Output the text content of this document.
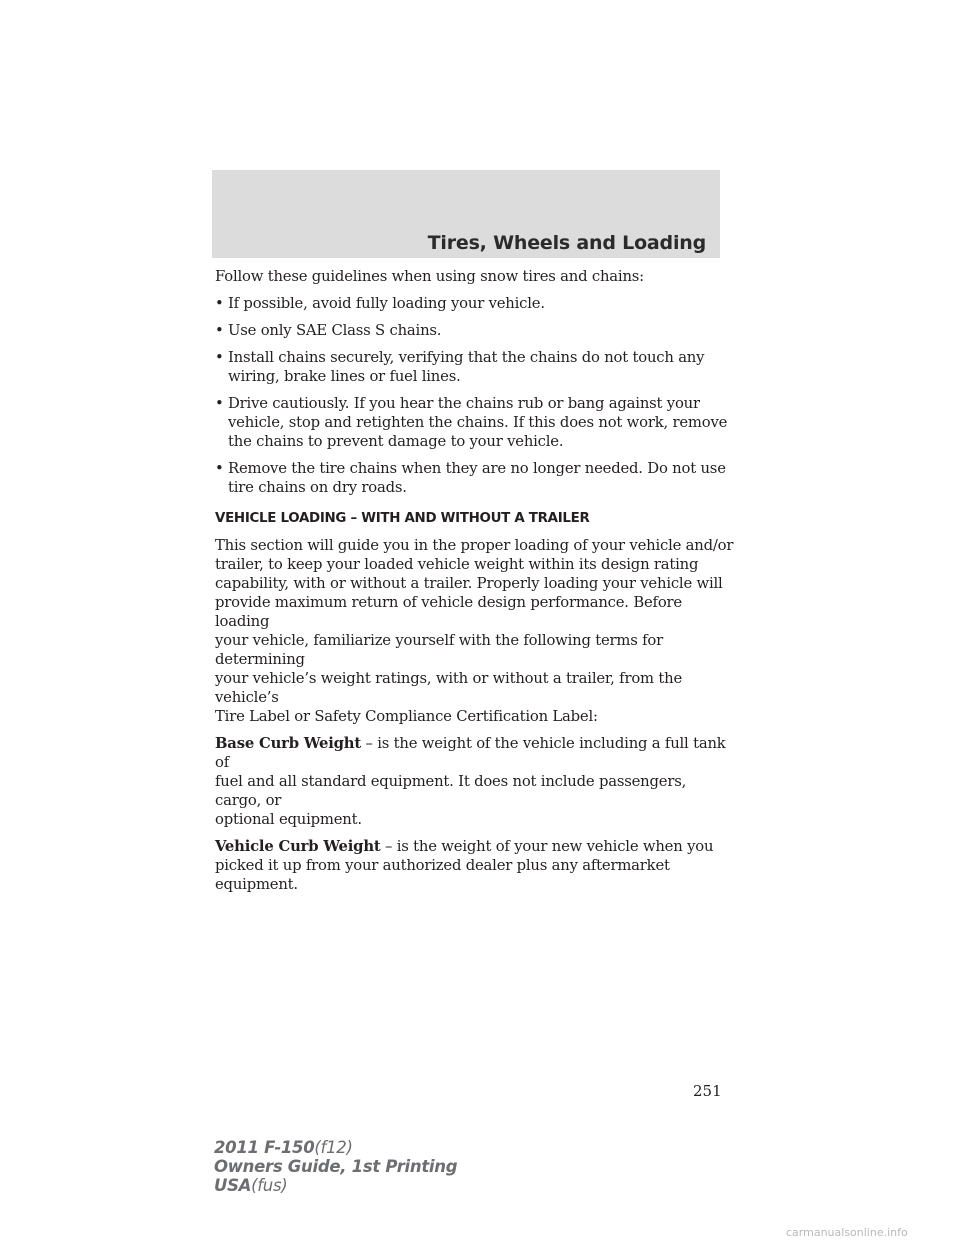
Tires, Wheels and Loading

Follow these guidelines when using snow tires and chains:

• If possible, avoid fully loading your vehicle.
• Use only SAE Class S chains.
• Install chains securely, verifying that the chains do not touch any
wiring, brake lines or fuel lines.
• Drive cautiously. If you hear the chains rub or bang against your
vehicle, stop and retighten the chains. If this does not work, remove
the chains to prevent damage to your vehicle.
• Remove the tire chains when they are no longer needed. Do not use
tire chains on dry roads.
VEHICLE LOADING – WITH AND WITHOUT A TRAILER

This section will guide you in the proper loading of your vehicle and/or
trailer, to keep your loaded vehicle weight within its design rating
capability, with or without a trailer. Properly loading your vehicle will
provide maximum return of vehicle design performance. Before loading
your vehicle, familiarize yourself with the following terms for determining
your vehicle’s weight ratings, with or without a trailer, from the vehicle’s
Tire Label or Safety Compliance Certification Label:

Base Curb Weight – is the weight of the vehicle including a full tank of
fuel and all standard equipment. It does not include passengers, cargo, or
optional equipment.

Vehicle Curb Weight – is the weight of your new vehicle when you
picked it up from your authorized dealer plus any aftermarket
equipment.

251
2011 F-150(f12)
Owners Guide, 1st Printing
USA(fus)
carmanualsonline.info
